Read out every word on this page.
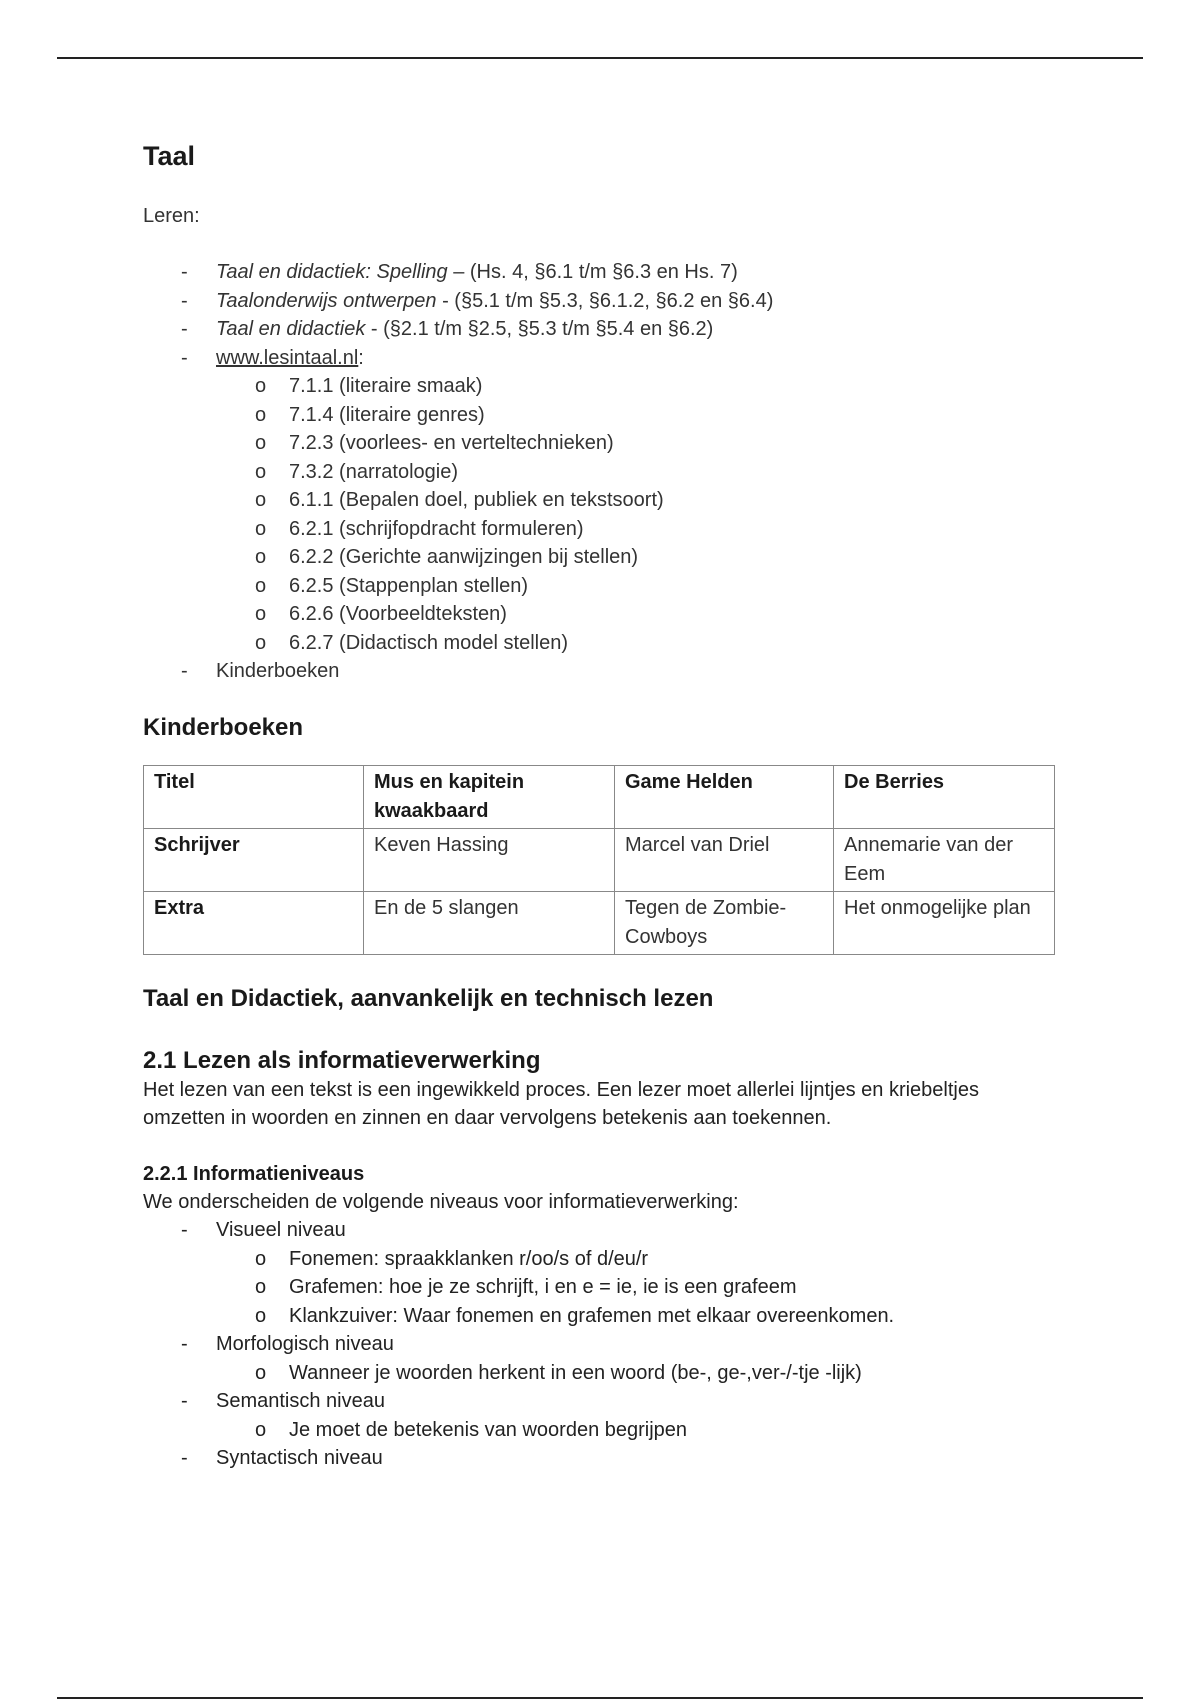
Taal

Leren:

- Taal en didactiek: Spelling – (Hs. 4, §6.1 t/m §6.3 en Hs. 7)
- Taalonderwijs ontwerpen - (§5.1 t/m §5.3, §6.1.2, §6.2 en §6.4)
- Taal en didactiek - (§2.1 t/m §2.5, §5.3 t/m §5.4 en §6.2)
- www.lesintaal.nl:
o 7.1.1 (literaire smaak)
o 7.1.4 (literaire genres)
o 7.2.3 (voorlees- en verteltechnieken)
o 7.3.2 (narratologie)
o 6.1.1 (Bepalen doel, publiek en tekstsoort)
o 6.2.1 (schrijfopdracht formuleren)
o 6.2.2 (Gerichte aanwijzingen bij stellen)
o 6.2.5 (Stappenplan stellen)
o 6.2.6 (Voorbeeldteksten)
o 6.2.7 (Didactisch model stellen)
- Kinderboeken
Kinderboeken
Titel	Mus en kapitein kwaakbaard	Game Helden	De Berries
Schrijver	Keven Hassing	Marcel van Driel	Annemarie van der Eem
Extra	En de 5 slangen	Tegen de Zombie-Cowboys	Het onmogelijke plan
Taal en Didactiek, aanvankelijk en technisch lezen
2.1 Lezen als informatieverwerking

Het lezen van een tekst is een ingewikkeld proces. Een lezer moet allerlei lijntjes en kriebeltjes omzetten in woorden en zinnen en daar vervolgens betekenis aan toekennen.

2.2.1 Informatieniveaus

We onderscheiden de volgende niveaus voor informatieverwerking:

- Visueel niveau
o Fonemen: spraakklanken r/oo/s of d/eu/r
o Grafemen: hoe je ze schrijft, i en e = ie, ie is een grafeem
o Klankzuiver: Waar fonemen en grafemen met elkaar overeenkomen.
- Morfologisch niveau
o Wanneer je woorden herkent in een woord (be-, ge-,ver-/-tje -lijk)
- Semantisch niveau
o Je moet de betekenis van woorden begrijpen
- Syntactisch niveau
